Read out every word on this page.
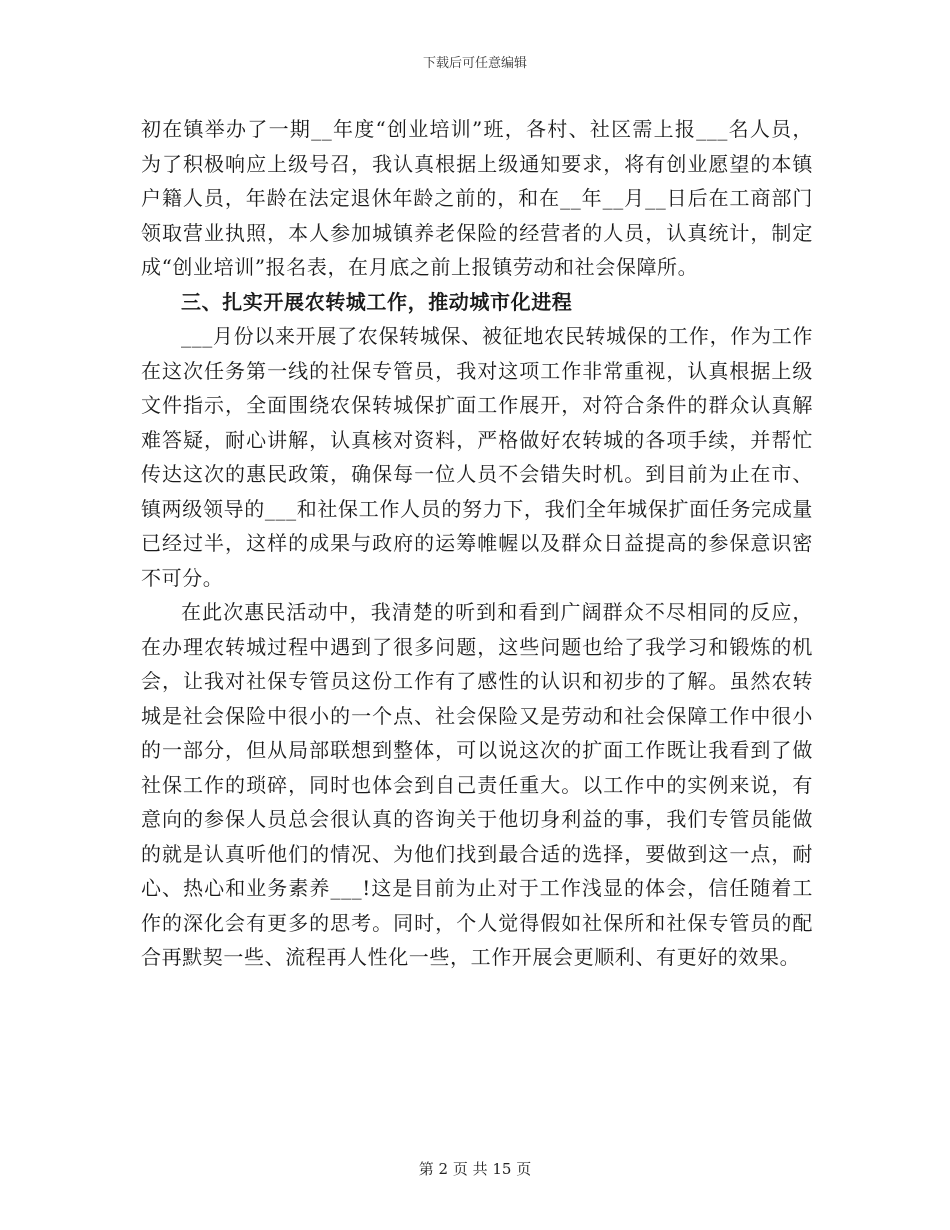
下载后可任意编辑

初在镇举办了一期__年度“创业培训”班，各村、社区需上报___名人员，为了积极响应上级号召，我认真根据上级通知要求，将有创业愿望的本镇户籍人员，年龄在法定退休年龄之前的，和在__年__月__日后在工商部门领取营业执照，本人参加城镇养老保险的经营者的人员，认真统计，制定成“创业培训”报名表，在月底之前上报镇劳动和社会保障所。

三、扎实开展农转城工作，推动城市化进程

___月份以来开展了农保转城保、被征地农民转城保的工作，作为工作在这次任务第一线的社保专管员，我对这项工作非常重视，认真根据上级文件指示，全面围绕农保转城保扩面工作展开，对符合条件的群众认真解难答疑，耐心讲解，认真核对资料，严格做好农转城的各项手续，并帮忙传达这次的惠民政策，确保每一位人员不会错失时机。到目前为止在市、镇两级领导的___和社保工作人员的努力下，我们全年城保扩面任务完成量已经过半，这样的成果与政府的运筹帷幄以及群众日益提高的参保意识密不可分。

在此次惠民活动中，我清楚的听到和看到广阔群众不尽相同的反应，在办理农转城过程中遇到了很多问题，这些问题也给了我学习和锻炼的机会，让我对社保专管员这份工作有了感性的认识和初步的了解。虽然农转城是社会保险中很小的一个点、社会保险又是劳动和社会保障工作中很小的一部分，但从局部联想到整体，可以说这次的扩面工作既让我看到了做社保工作的琐碎，同时也体会到自己责任重大。以工作中的实例来说，有意向的参保人员总会很认真的咨询关于他切身利益的事，我们专管员能做的就是认真听他们的情况、为他们找到最合适的选择，要做到这一点，耐心、热心和业务素养___!这是目前为止对于工作浅显的体会，信任随着工作的深化会有更多的思考。同时，个人觉得假如社保所和社保专管员的配合再默契一些、流程再人性化一些，工作开展会更顺利、有更好的效果。

第 2 页 共 15 页
